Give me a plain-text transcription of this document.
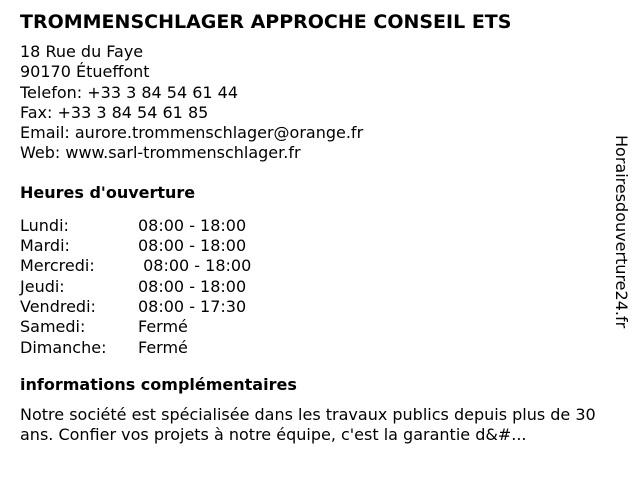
TROMMENSCHLAGER APPROCHE CONSEIL ETS
18 Rue du Faye
90170 Étueffont
Telefon: +33 3 84 54 61 44
Fax: +33 3 84 54 61 85
Email: aurore.trommenschlager@orange.fr
Web: www.sarl-trommenschlager.fr
Heures d'ouverture
Lundi:	08:00 - 18:00
Mardi:	08:00 - 18:00
Mercredi:	08:00 - 18:00
Jeudi:	08:00 - 18:00
Vendredi:	08:00 - 17:30
Samedi:	Fermé
Dimanche:	Fermé
informations complémentaires
Notre société est spécialisée dans les travaux publics depuis plus de 30 ans. Confier vos projets à notre équipe, c'est la garantie d&#...
Horairesdouverture24.fr
